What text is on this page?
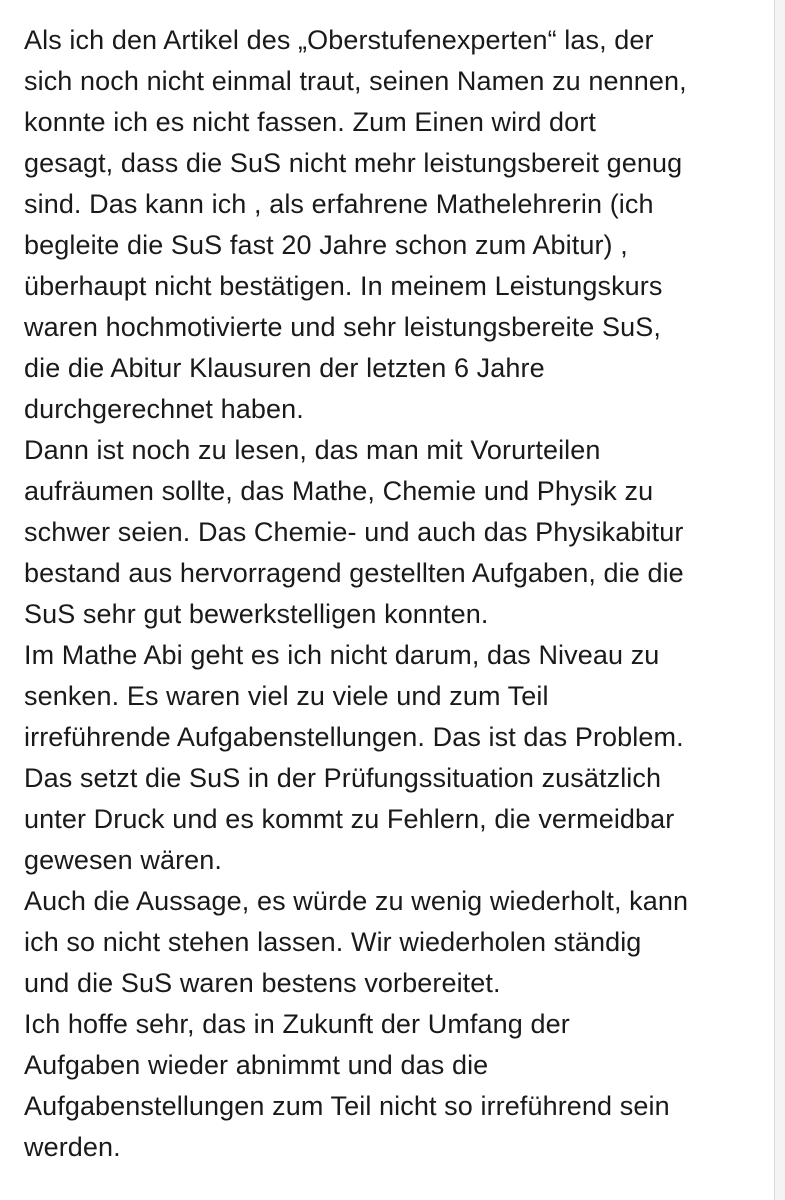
Als ich den Artikel des „Oberstufenexperten“ las, der
sich noch nicht einmal traut, seinen Namen zu nennen,
konnte ich es nicht fassen. Zum Einen wird dort
gesagt, dass die SuS nicht mehr leistungsbereit genug
sind. Das kann ich , als erfahrene Mathelehrerin (ich
begleite die SuS fast 20 Jahre schon zum Abitur) ,
überhaupt nicht bestätigen. In meinem Leistungskurs
waren hochmotivierte und sehr leistungsbereite SuS,
die die Abitur Klausuren der letzten 6 Jahre
durchgerechnet haben.
Dann ist noch zu lesen, das man mit Vorurteilen
aufräumen sollte, das Mathe, Chemie und Physik zu
schwer seien. Das Chemie- und auch das Physikabitur
bestand aus hervorragend gestellten Aufgaben, die die
SuS sehr gut bewerkstelligen konnten.
Im Mathe Abi geht es ich nicht darum, das Niveau zu
senken. Es waren viel zu viele und zum Teil
irreführende Aufgabenstellungen. Das ist das Problem.
Das setzt die SuS in der Prüfungssituation zusätzlich
unter Druck und es kommt zu Fehlern, die vermeidbar
gewesen wären.
Auch die Aussage, es würde zu wenig wiederholt, kann
ich so nicht stehen lassen. Wir wiederholen ständig
und die SuS waren bestens vorbereitet.
Ich hoffe sehr, das in Zukunft der Umfang der
Aufgaben wieder abnimmt und das die
Aufgabenstellungen zum Teil nicht so irreführend sein
werden.
